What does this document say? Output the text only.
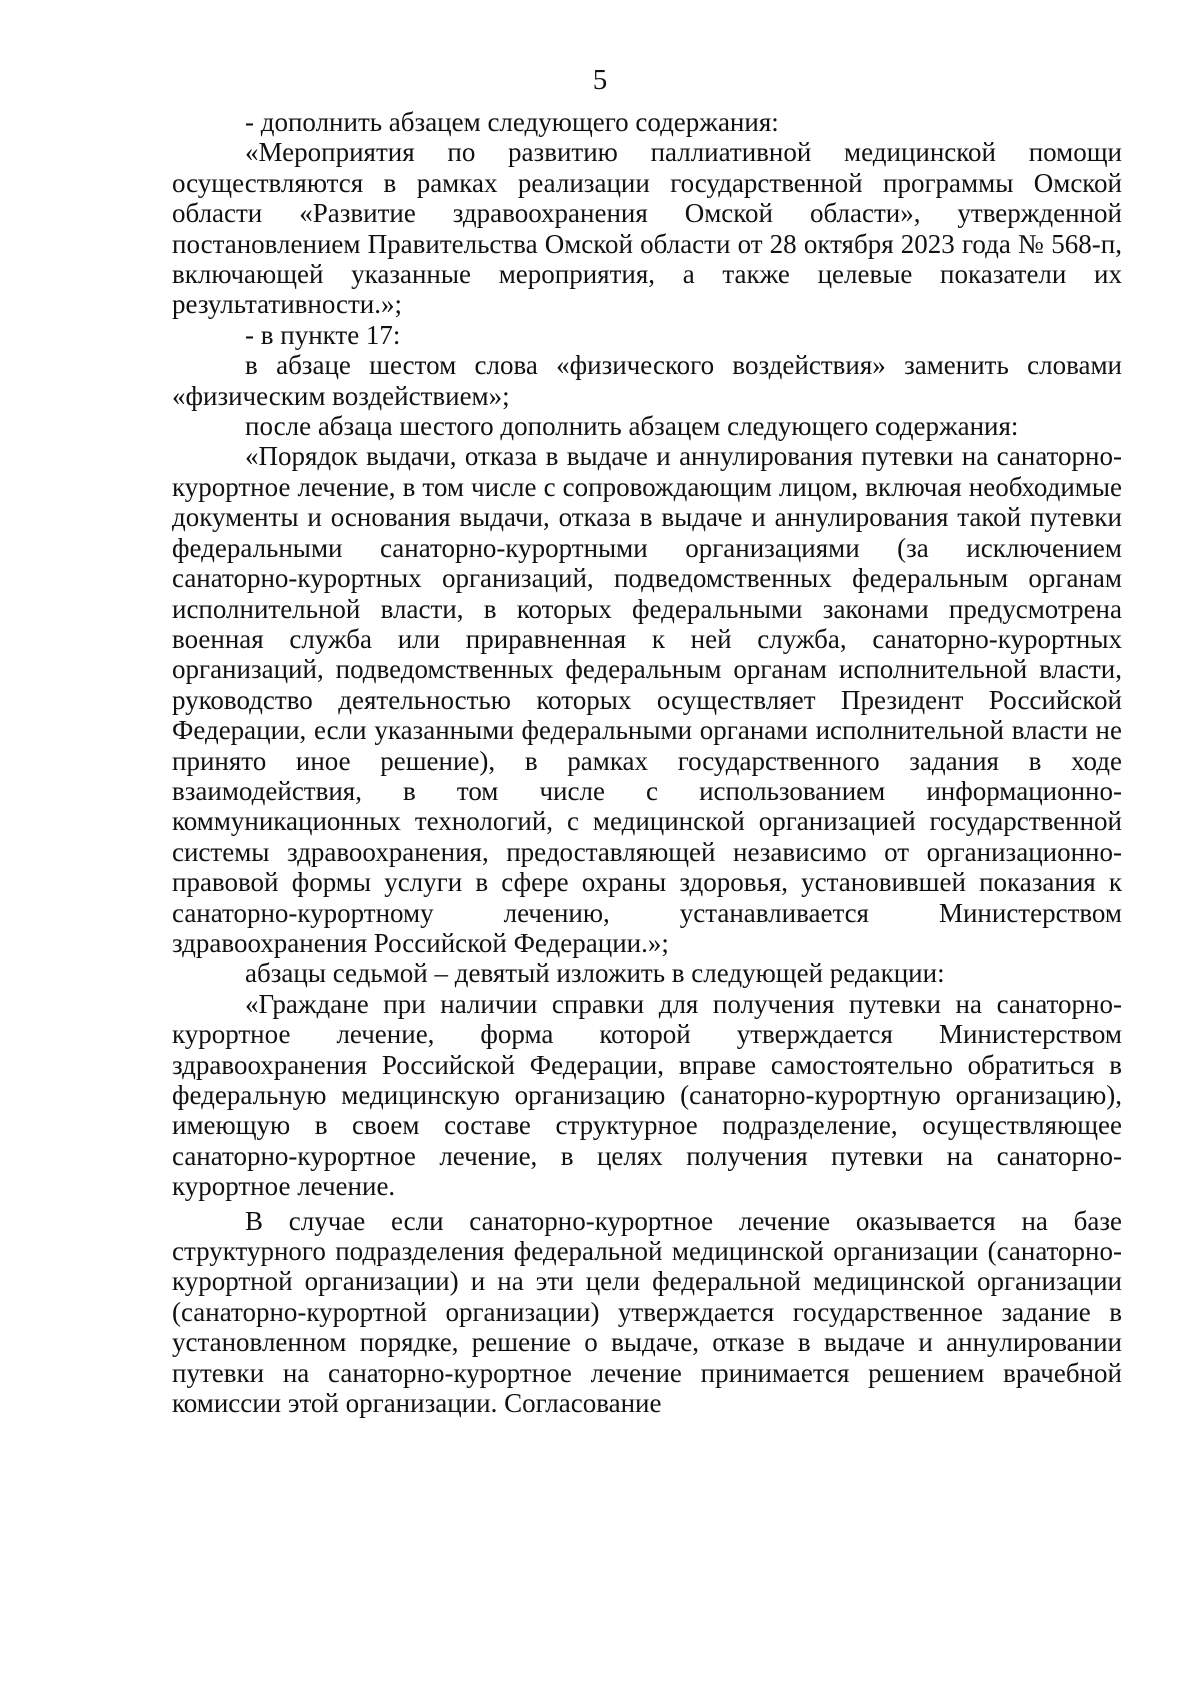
5

- дополнить абзацем следующего содержания:

«Мероприятия по развитию паллиативной медицинской помощи осуществляются в рамках реализации государственной программы Омской области «Развитие здравоохранения Омской области», утвержденной постановлением Правительства Омской области от 28 октября 2023 года № 568-п, включающей указанные мероприятия, а также целевые показатели их результативности.»;

- в пункте 17:

в абзаце шестом слова «физического воздействия» заменить словами «физическим воздействием»;

после абзаца шестого дополнить абзацем следующего содержания:

«Порядок выдачи, отказа в выдаче и аннулирования путевки на санаторно-курортное лечение, в том числе с сопровождающим лицом, включая необходимые документы и основания выдачи, отказа в выдаче и аннулирования такой путевки федеральными санаторно-курортными организациями (за исключением санаторно-курортных организаций, подведомственных федеральным органам исполнительной власти, в которых федеральными законами предусмотрена военная служба или приравненная к ней служба, санаторно-курортных организаций, подведомственных федеральным органам исполнительной власти, руководство деятельностью которых осуществляет Президент Российской Федерации, если указанными федеральными органами исполнительной власти не принято иное решение), в рамках государственного задания в ходе взаимодействия, в том числе с использованием информационно-коммуникационных технологий, с медицинской организацией государственной системы здравоохранения, предоставляющей независимо от организационно-правовой формы услуги в сфере охраны здоровья, установившей показания к санаторно-курортному лечению, устанавливается Министерством здравоохранения Российской Федерации.»;

абзацы седьмой – девятый изложить в следующей редакции:

«Граждане при наличии справки для получения путевки на санаторно-курортное лечение, форма которой утверждается Министерством здравоохранения Российской Федерации, вправе самостоятельно обратиться в федеральную медицинскую организацию (санаторно-курортную организацию), имеющую в своем составе структурное подразделение, осуществляющее санаторно-курортное лечение, в целях получения путевки на санаторно-курортное лечение.

В случае если санаторно-курортное лечение оказывается на базе структурного подразделения федеральной медицинской организации (санаторно-курортной организации) и на эти цели федеральной медицинской организации (санаторно-курортной организации) утверждается государственное задание в установленном порядке, решение о выдаче, отказе в выдаче и аннулировании путевки на санаторно-курортное лечение принимается решением врачебной комиссии этой организации. Согласование
